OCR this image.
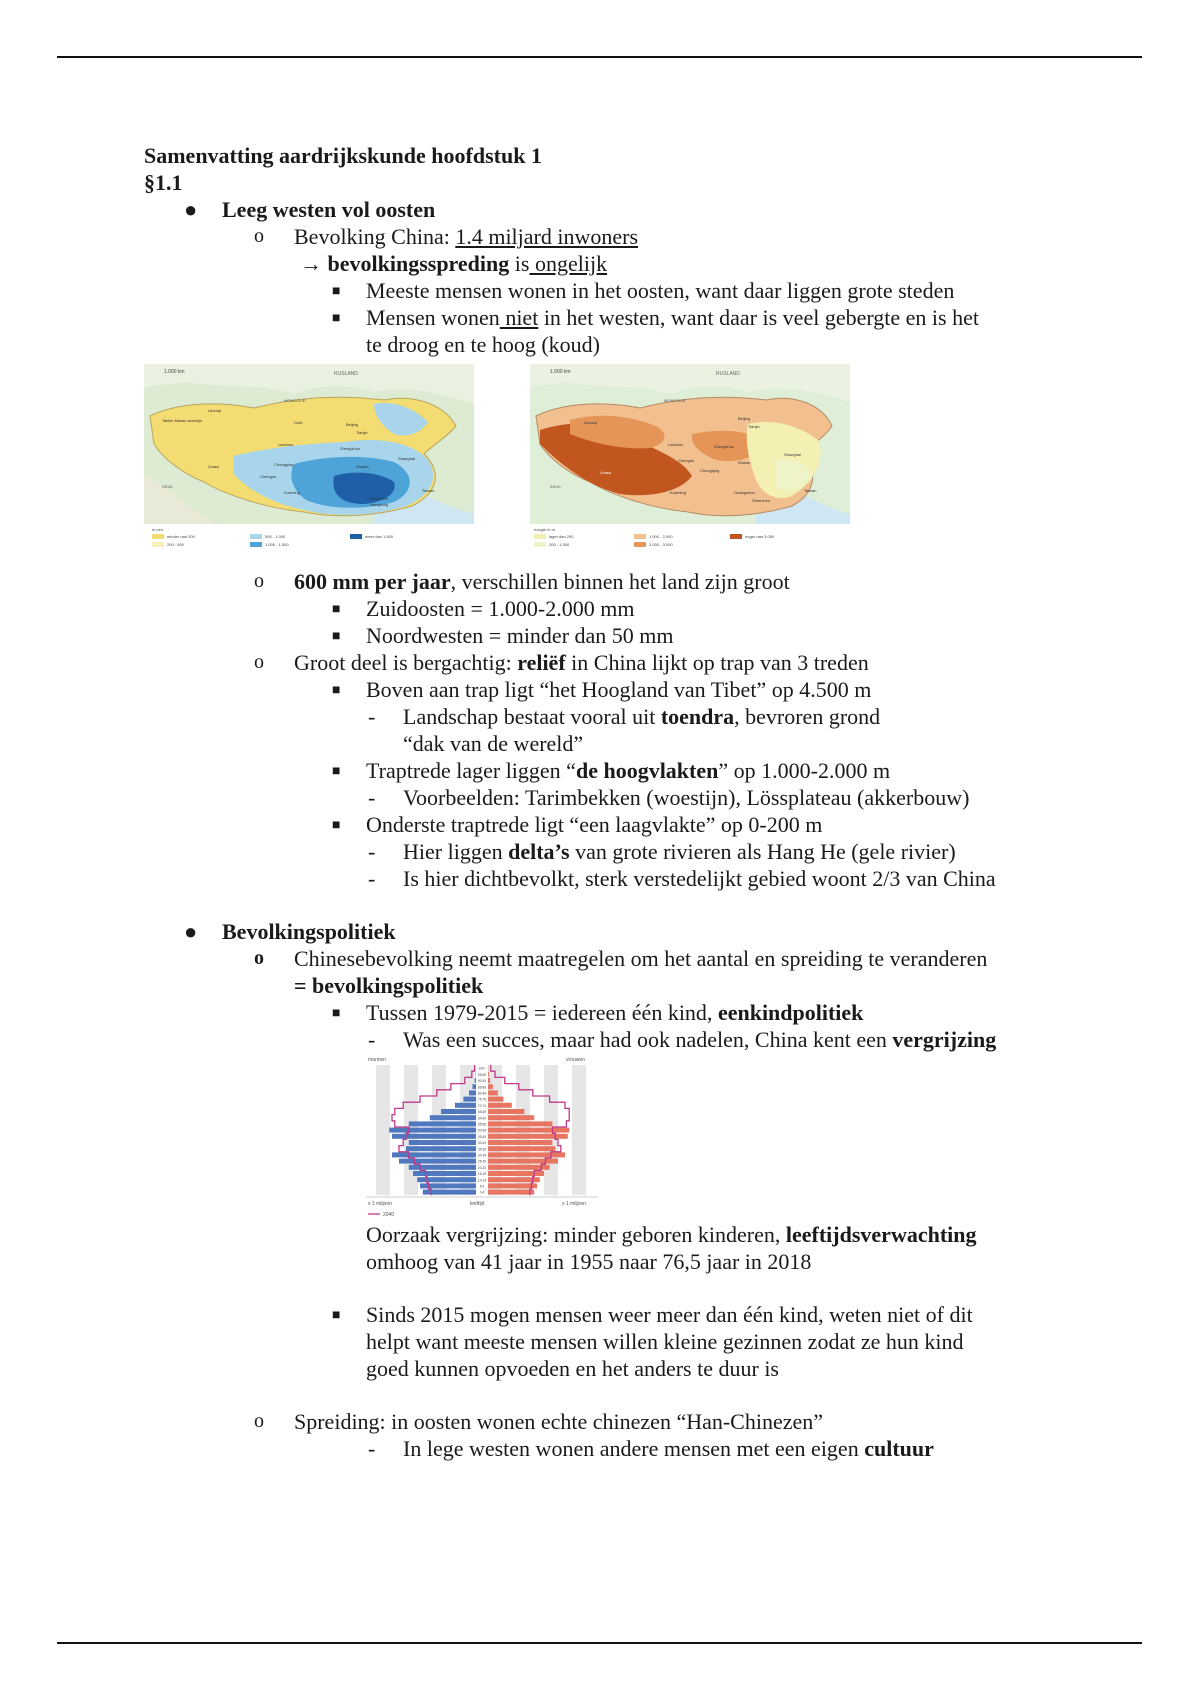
Samenvatting aardrijkskunde hoofdstuk 1
§1.1
● Leeg westen vol oosten
o Bevolking China: 1.4 miljard inwoners
→ bevolkingsspreding is ongelijk
■ Meeste mensen wonen in het oosten, want daar liggen grote steden
■ Mensen wonen niet in het westen, want daar is veel gebergte en is het
te droog en te hoog (koud)
1.000 km	RUSLAND
MONGOLIË
Urumqi
Taklim Makan woestijn	Gobi	Beijing
Tianjin
Lanzhou
Zhengzhou
Shanghai
Chongqing
Chengdu
Lhasa	Wuhan
Kunming
Shenzhen
Hongkong
INDIA
Taiwan
in mm
minder dan 200
200 - 500
500 - 1.000
1.000 - 1.500
meer dan 1.500
1.000 km	RUSLAND
MONGOLIË
Urumqi
Lanzhou
Beijing
Tianjin
Zhengzhou
Chengdu
Chongqing
Wuhan
Shanghai
Lhasa
Kunming	Guangzhou
Shenzhen
INDIA
Taiwan
hoogte in m
lager dan 200
200 - 1.000
1.000 - 2.000
2.000 - 3.000
hoger dan 3.000
o 600 mm per jaar, verschillen binnen het land zijn groot
■ Zuidoosten = 1.000-2.000 mm
■ Noordwesten = minder dan 50 mm
o Groot deel is bergachtig: reliëf in China lijkt op trap van 3 treden
■ Boven aan trap ligt “het Hoogland van Tibet” op 4.500 m
- Landschap bestaat vooral uit toendra, bevroren grond
“dak van de wereld”
■ Traptrede lager liggen “de hoogvlakten” op 1.000-2.000 m
- Voorbeelden: Tarimbekken (woestijn), Lössplateau (akkerbouw)
■ Onderste traptrede ligt “een laagvlakte” op 0-200 m
- Hier liggen delta’s van grote rivieren als Hang He (gele rivier)
- Is hier dichtbevolkt, sterk verstedelijkt gebied woont 2/3 van China
● Bevolkingspolitiek
o Chinesebevolking neemt maatregelen om het aantal en spreiding te veranderen
= bevolkingspolitiek
■ Tussen 1979-2015 = iedereen één kind, eenkindpolitiek
- Was een succes, maar had ook nadelen, China kent een vergrijzing
mannen	vrouwen
100+
95-99
90-94
85-89
80-84
75-79
70-74
65-69
60-64
55-59
50-54
45-49
40-44
35-39
30-34
25-29
20-24
15-19
10-14
5-9
0-4
x 1 miljoen	leeftijd	x 1 miljoen
2040
Oorzaak vergrijzing: minder geboren kinderen, leeftijdsverwachting
omhoog van 41 jaar in 1955 naar 76,5 jaar in 2018
■ Sinds 2015 mogen mensen weer meer dan één kind, weten niet of dit
helpt want meeste mensen willen kleine gezinnen zodat ze hun kind
goed kunnen opvoeden en het anders te duur is
o Spreiding: in oosten wonen echte chinezen “Han-Chinezen”
- In lege westen wonen andere mensen met een eigen cultuur
